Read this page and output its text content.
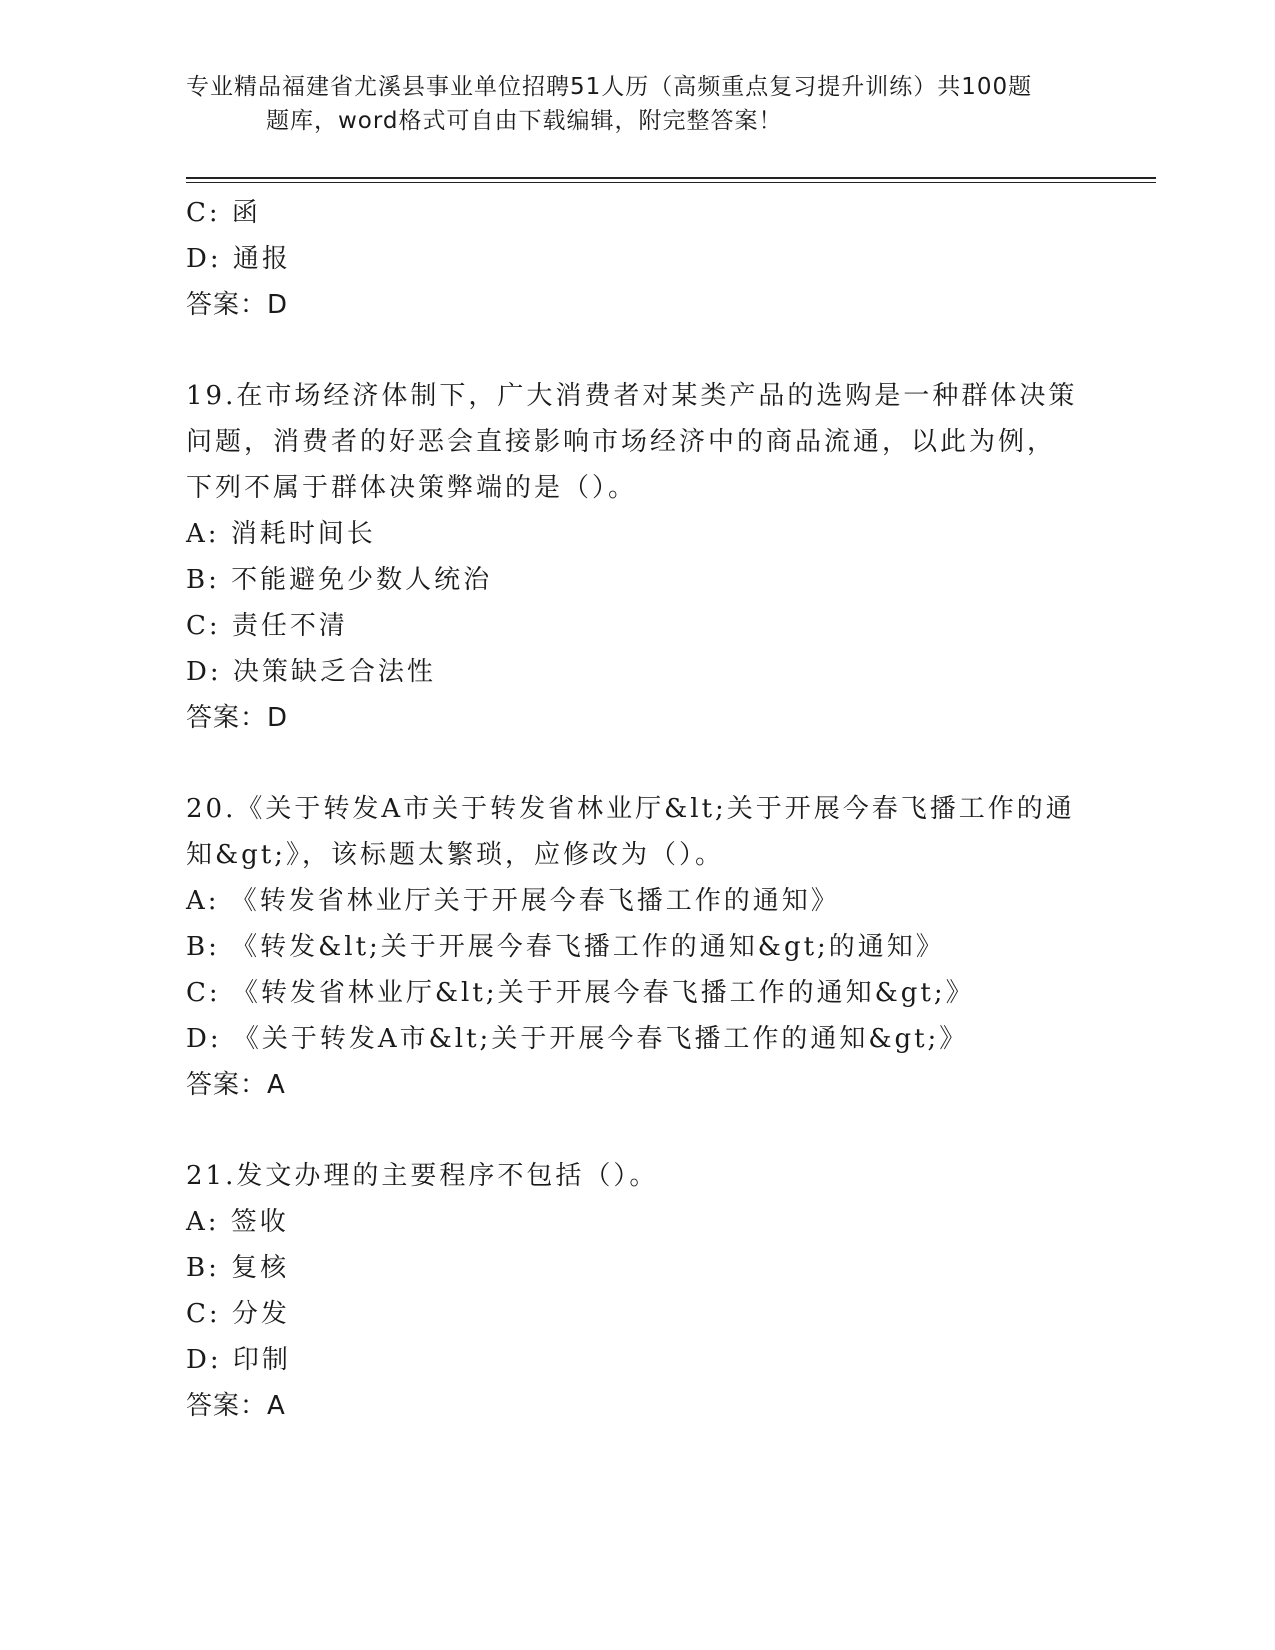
专业精品福建省尤溪县事业单位招聘51人历（高频重点复习提升训练）共100题
题库，word格式可自由下载编辑，附完整答案！
C: 函
D: 通报
答案：D
19.在市场经济体制下，广大消费者对某类产品的选购是一种群体决策
问题，消费者的好恶会直接影响市场经济中的商品流通，以此为例，
下列不属于群体决策弊端的是（）。
A: 消耗时间长
B: 不能避免少数人统治
C: 责任不清
D: 决策缺乏合法性
答案：D
20.《关于转发A市关于转发省林业厅&lt;关于开展今春飞播工作的通
知&gt;》，该标题太繁琐，应修改为（）。
A: 《转发省林业厅关于开展今春飞播工作的通知》
B: 《转发&lt;关于开展今春飞播工作的通知&gt;的通知》
C: 《转发省林业厅&lt;关于开展今春飞播工作的通知&gt;》
D: 《关于转发A市&lt;关于开展今春飞播工作的通知&gt;》
答案：A
21.发文办理的主要程序不包括（）。
A: 签收
B: 复核
C: 分发
D: 印制
答案：A
